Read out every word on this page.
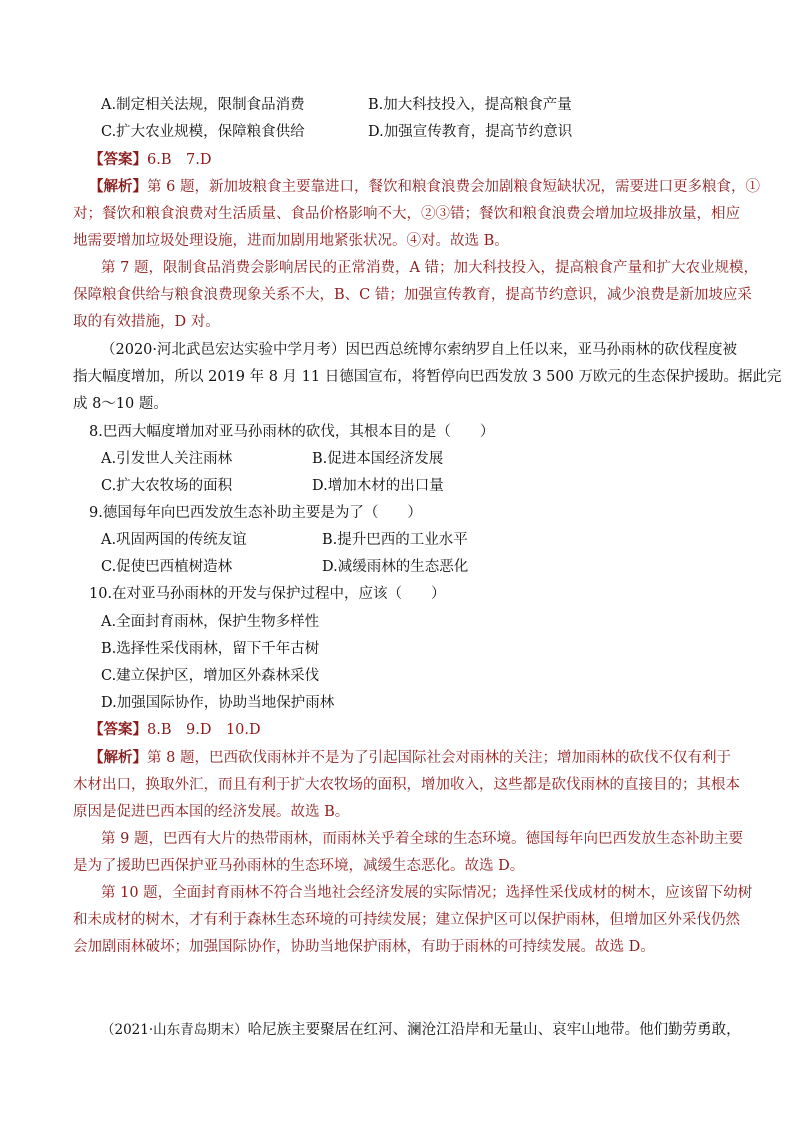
A.制定相关法规，限制食品消费	B.加大科技投入，提高粮食产量
C.扩大农业规模，保障粮食供给	D.加强宣传教育，提高节约意识
【答案】6.B　7.D
【解析】第 6 题，新加坡粮食主要靠进口，餐饮和粮食浪费会加剧粮食短缺状况，需要进口更多粮食，①
对；餐饮和粮食浪费对生活质量、食品价格影响不大，②③错；餐饮和粮食浪费会增加垃圾排放量，相应
地需要增加垃圾处理设施，进而加剧用地紧张状况。④对。故选 B。
第 7 题，限制食品消费会影响居民的正常消费，A 错；加大科技投入，提高粮食产量和扩大农业规模，
保障粮食供给与粮食浪费现象关系不大，B、C 错；加强宣传教育，提高节约意识，减少浪费是新加坡应采
取的有效措施，D 对。
（2020·河北武邑宏达实验中学月考）因巴西总统博尔索纳罗自上任以来，亚马孙雨林的砍伐程度被
指大幅度增加，所以 2019 年 8 月 11 日德国宣布，将暂停向巴西发放 3 500 万欧元的生态保护援助。据此完
成 8～10 题。
8.巴西大幅度增加对亚马孙雨林的砍伐，其根本目的是（　　）
A.引发世人关注雨林	B.促进本国经济发展
C.扩大农牧场的面积	D.增加木材的出口量
9.德国每年向巴西发放生态补助主要是为了（　　）
A.巩固两国的传统友谊	B.提升巴西的工业水平
C.促使巴西植树造林	D.减缓雨林的生态恶化
10.在对亚马孙雨林的开发与保护过程中，应该（　　）
A.全面封育雨林，保护生物多样性
B.选择性采伐雨林，留下千年古树
C.建立保护区，增加区外森林采伐
D.加强国际协作，协助当地保护雨林
【答案】8.B　9.D　10.D
【解析】第 8 题，巴西砍伐雨林并不是为了引起国际社会对雨林的关注；增加雨林的砍伐不仅有利于
木材出口，换取外汇，而且有利于扩大农牧场的面积，增加收入，这些都是砍伐雨林的直接目的；其根本
原因是促进巴西本国的经济发展。故选 B。
第 9 题，巴西有大片的热带雨林，而雨林关乎着全球的生态环境。德国每年向巴西发放生态补助主要
是为了援助巴西保护亚马孙雨林的生态环境，减缓生态恶化。故选 D。
第 10 题，全面封育雨林不符合当地社会经济发展的实际情况；选择性采伐成材的树木，应该留下幼树
和未成材的树木，才有利于森林生态环境的可持续发展；建立保护区可以保护雨林，但增加区外采伐仍然
会加剧雨林破坏；加强国际协作，协助当地保护雨林，有助于雨林的可持续发展。故选 D。
（2021·山东青岛期末）哈尼族主要聚居在红河、澜沧江沿岸和无量山、哀牢山地带。他们勤劳勇敢，
